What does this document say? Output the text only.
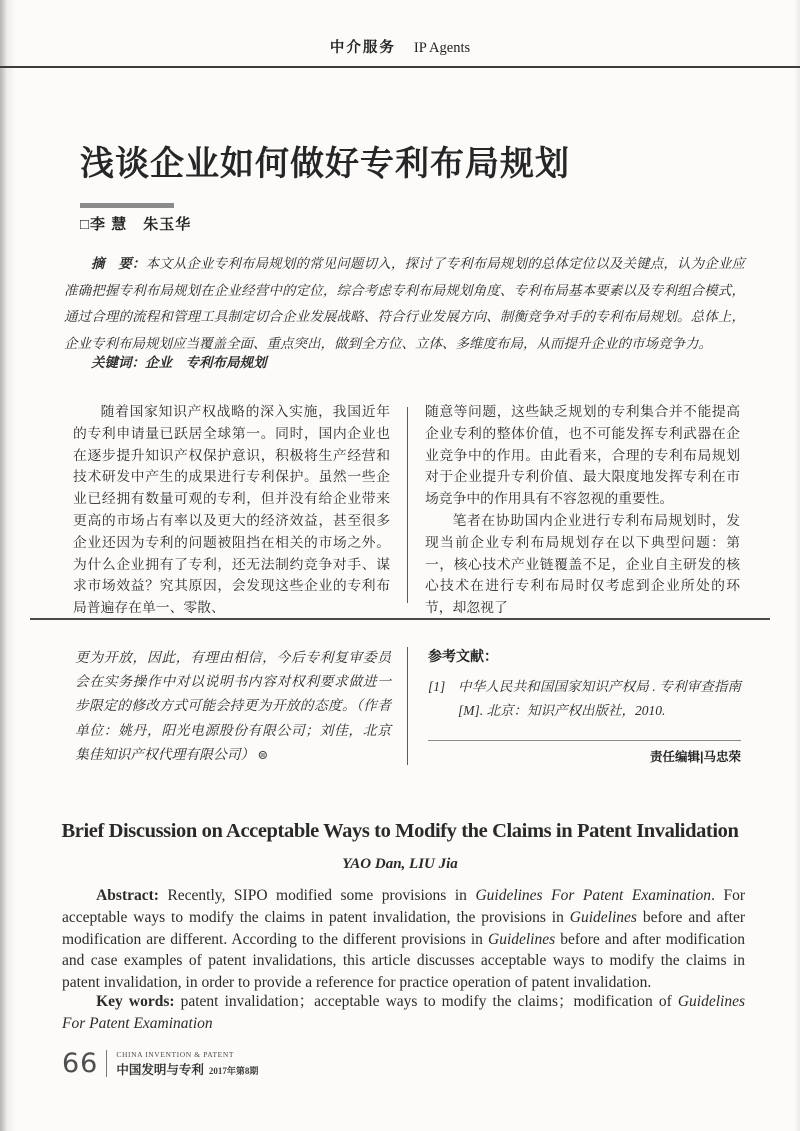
中介服务 IP Agents
浅谈企业如何做好专利布局规划
□李 慧　朱玉华

摘　要：本文从企业专利布局规划的常见问题切入，探讨了专利布局规划的总体定位以及关键点，认为企业应准确把握专利布局规划在企业经营中的定位，综合考虑专利布局规划角度、专利布局基本要素以及专利组合模式，通过合理的流程和管理工具制定切合企业发展战略、符合行业发展方向、制衡竞争对手的专利布局规划。总体上，企业专利布局规划应当覆盖全面、重点突出，做到全方位、立体、多维度布局，从而提升企业的市场竞争力。

关键词：企业　专利布局规划

随着国家知识产权战略的深入实施，我国近年的专利申请量已跃居全球第一。同时，国内企业也在逐步提升知识产权保护意识，积极将生产经营和技术研发中产生的成果进行专利保护。虽然一些企业已经拥有数量可观的专利，但并没有给企业带来更高的市场占有率以及更大的经济效益，甚至很多企业还因为专利的问题被阻挡在相关的市场之外。为什么企业拥有了专利，还无法制约竞争对手、谋求市场效益？究其原因，会发现这些企业的专利布局普遍存在单一、零散、

随意等问题，这些缺乏规划的专利集合并不能提高企业专利的整体价值，也不可能发挥专利武器在企业竞争中的作用。由此看来，合理的专利布局规划对于企业提升专利价值、最大限度地发挥专利在市场竞争中的作用具有不容忽视的重要性。

笔者在协助国内企业进行专利布局规划时，发现当前企业专利布局规划存在以下典型问题：第一，核心技术产业链覆盖不足，企业自主研发的核心技术在进行专利布局时仅考虑到企业所处的环节，却忽视了

更为开放，因此，有理由相信，今后专利复审委员会在实务操作中对以说明书内容对权利要求做进一步限定的修改方式可能会持更为开放的态度。（作者单位：姚丹，阳光电源股份有限公司；刘佳，北京集佳知识产权代理有限公司） ⊜

参考文献：

[1] 中华人民共和国国家知识产权局 . 专利审查指南 [M]. 北京：知识产权出版社，2010.
责任编辑|马忠荣
Brief Discussion on Acceptable Ways to Modify the Claims in Patent Invalidation
YAO Dan, LIU Jia

Abstract: Recently, SIPO modified some provisions in Guidelines For Patent Examination. For acceptable ways to modify the claims in patent invalidation, the provisions in Guidelines before and after modification are different. According to the different provisions in Guidelines before and after modification and case examples of patent invalidations, this article discusses acceptable ways to modify the claims in patent invalidation, in order to provide a reference for practice operation of patent invalidation.

Key words: patent invalidation；acceptable ways to modify the claims；modification of Guidelines For Patent Examination

66 CHINA INVENTION & PATENT
中国发明与专利 2017年第8期
